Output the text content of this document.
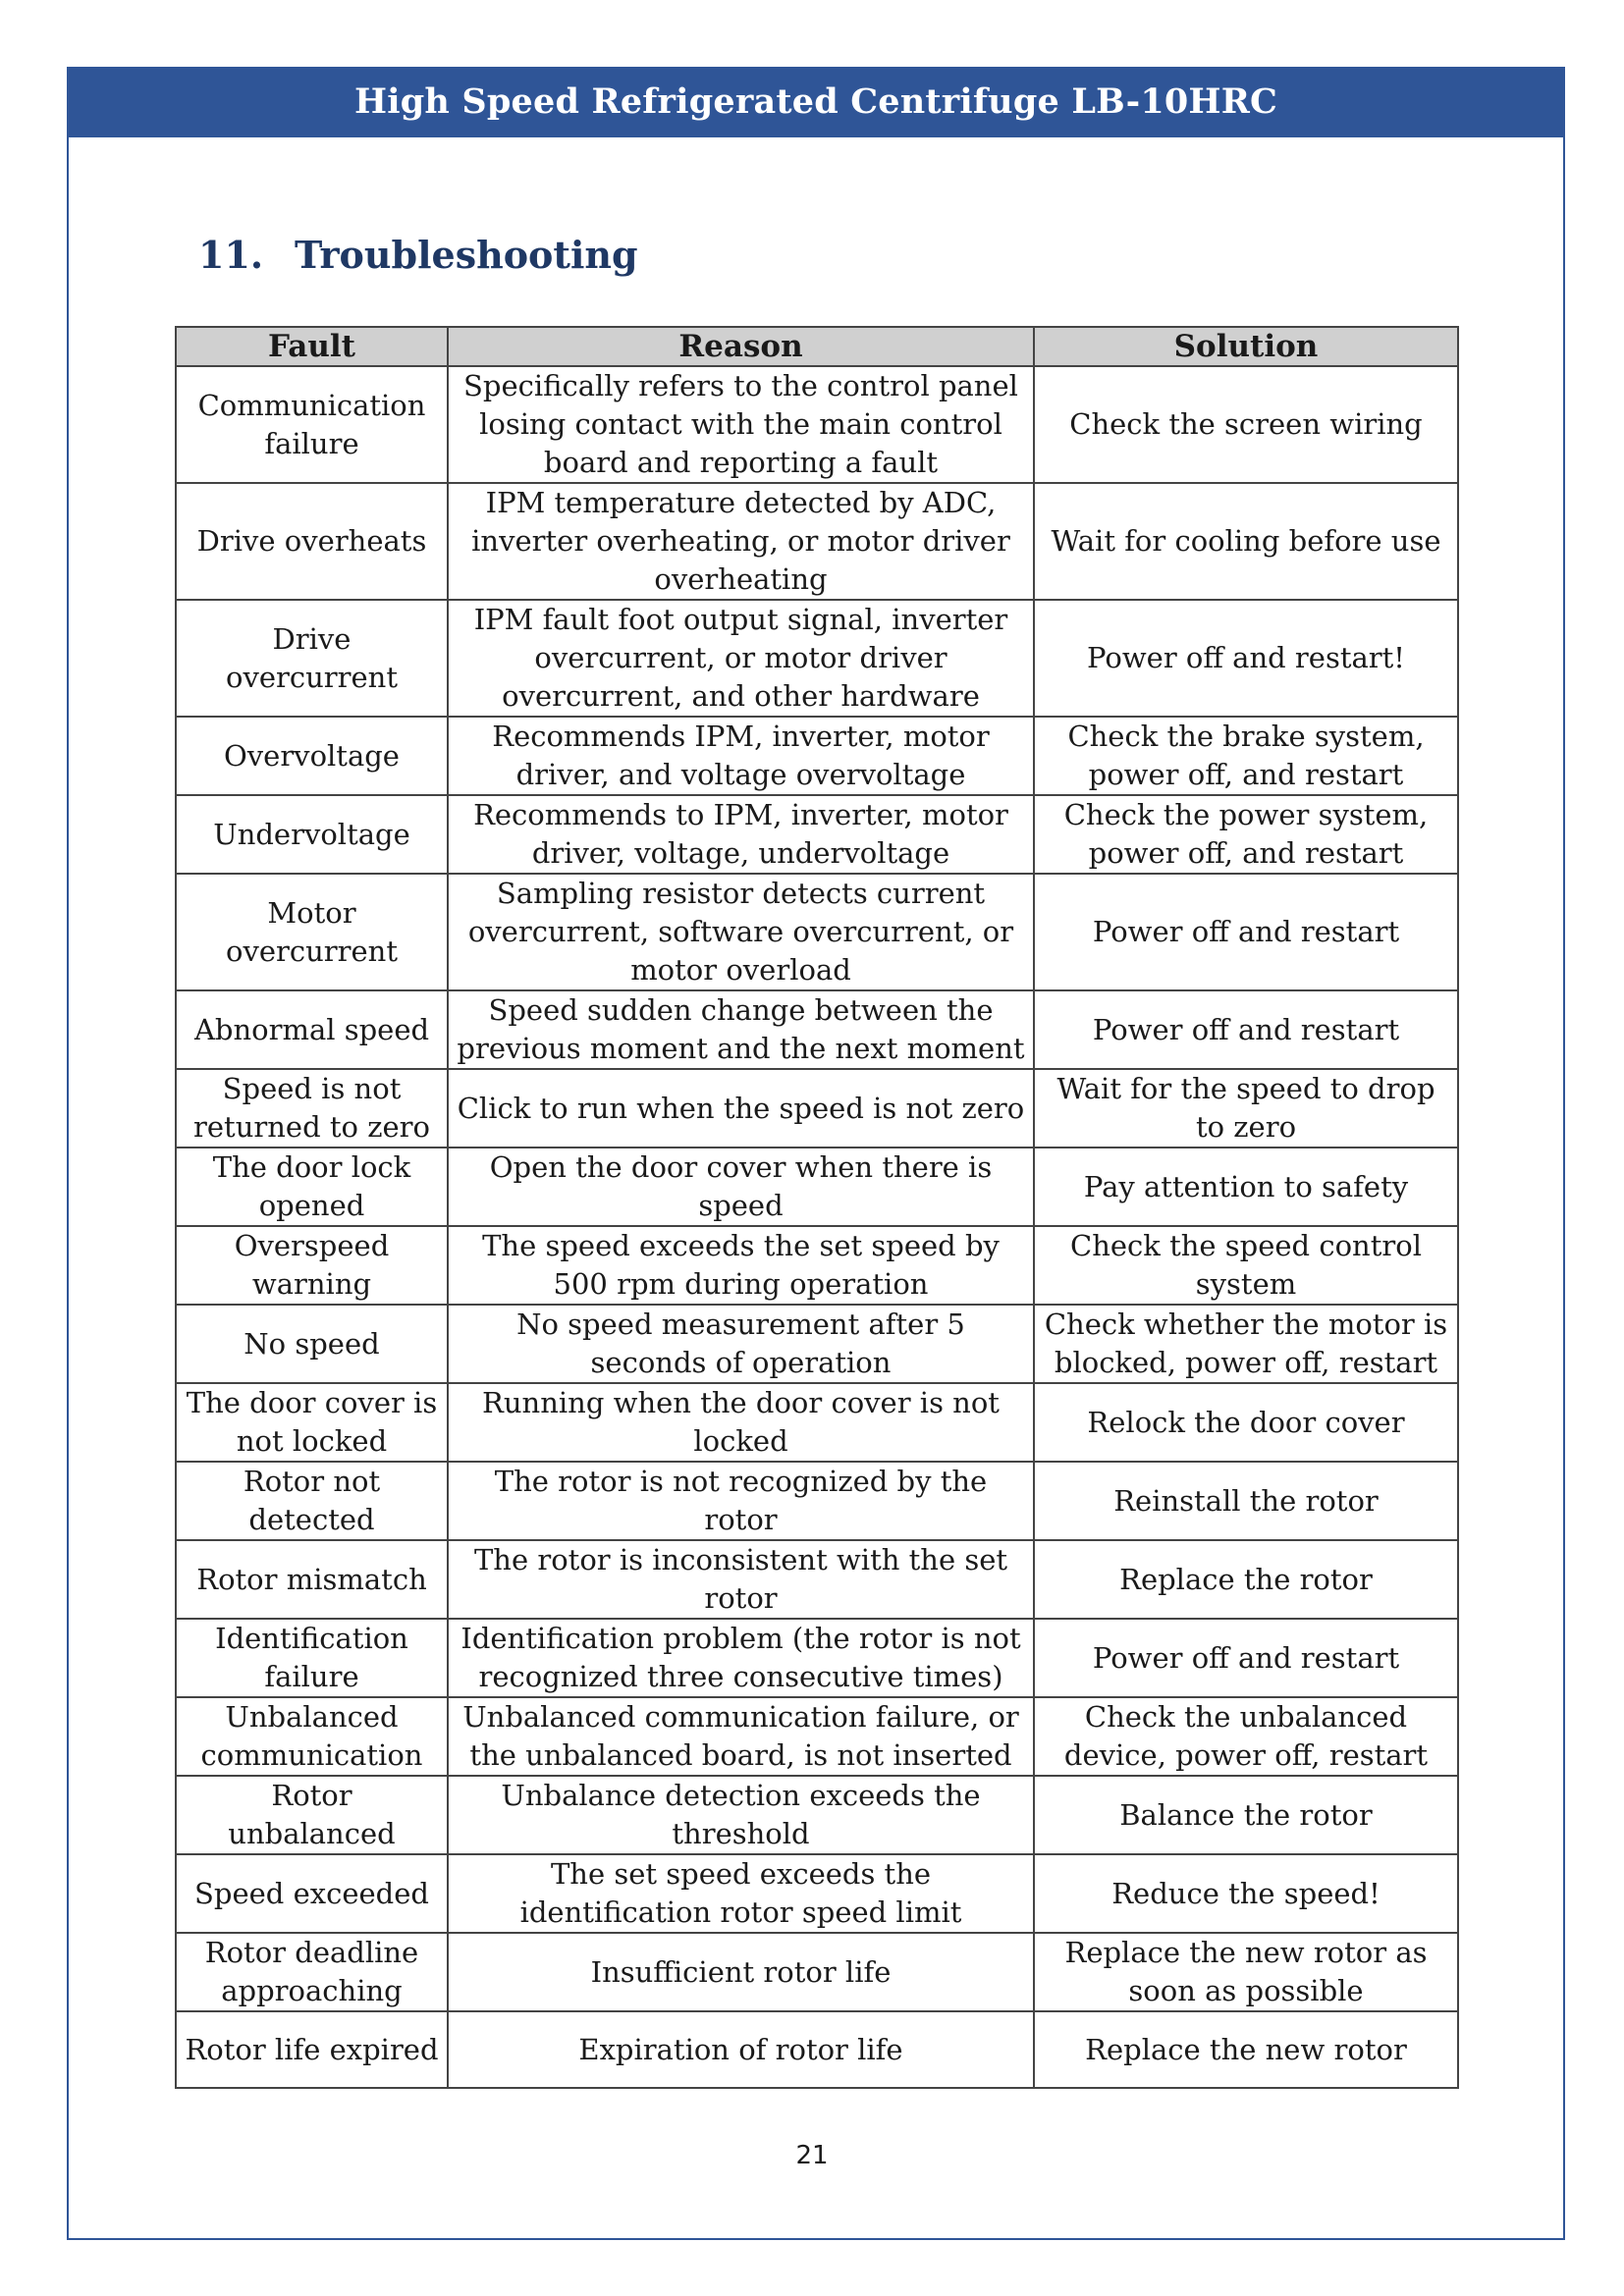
High Speed Refrigerated Centrifuge LB-10HRC
11. Troubleshooting
Fault	Reason	Solution
Communication failure	Specifically refers to the control panel losing contact with the main control board and reporting a fault	Check the screen wiring
Drive overheats	IPM temperature detected by ADC, inverter overheating, or motor driver overheating	Wait for cooling before use
Drive overcurrent	IPM fault foot output signal, inverter overcurrent, or motor driver overcurrent, and other hardware	Power off and restart!
Overvoltage	Recommends IPM, inverter, motor driver, and voltage overvoltage	Check the brake system, power off, and restart
Undervoltage	Recommends to IPM, inverter, motor driver, voltage, undervoltage	Check the power system, power off, and restart
Motor overcurrent	Sampling resistor detects current overcurrent, software overcurrent, or motor overload	Power off and restart
Abnormal speed	Speed sudden change between the previous moment and the next moment	Power off and restart
Speed is not returned to zero	Click to run when the speed is not zero	Wait for the speed to drop to zero
The door lock opened	Open the door cover when there is speed	Pay attention to safety
Overspeed warning	The speed exceeds the set speed by 500 rpm during operation	Check the speed control system
No speed	No speed measurement after 5 seconds of operation	Check whether the motor is blocked, power off, restart
The door cover is not locked	Running when the door cover is not locked	Relock the door cover
Rotor not detected	The rotor is not recognized by the rotor	Reinstall the rotor
Rotor mismatch	The rotor is inconsistent with the set rotor	Replace the rotor
Identification failure	Identification problem (the rotor is not recognized three consecutive times)	Power off and restart
Unbalanced communication	Unbalanced communication failure, or the unbalanced board, is not inserted	Check the unbalanced device, power off, restart
Rotor unbalanced	Unbalance detection exceeds the threshold	Balance the rotor
Speed exceeded	The set speed exceeds the identification rotor speed limit	Reduce the speed!
Rotor deadline approaching	Insufficient rotor life	Replace the new rotor as soon as possible
Rotor life expired	Expiration of rotor life	Replace the new rotor
21
